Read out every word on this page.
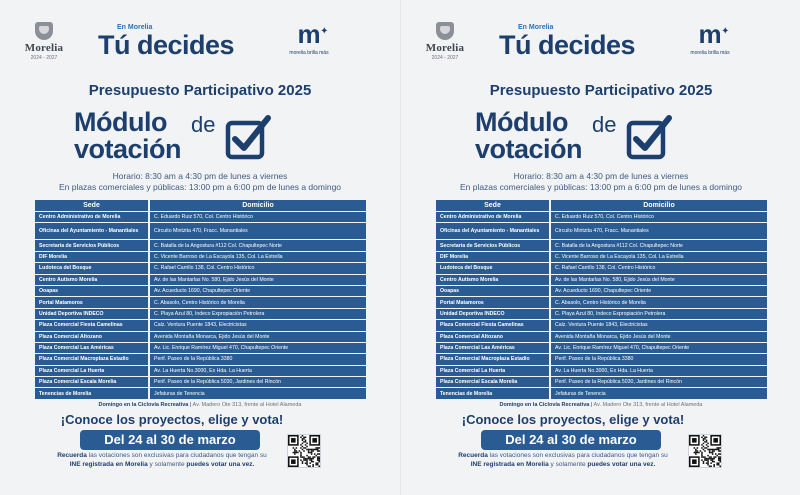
Morelia
2024 - 2027
En Morelia
Tú decides	m ✦
morelia brilla más
Presupuesto Participativo 2025
Módulo de
votación
Horario: 8:30 am a 4:30 pm de lunes a viernes
En plazas comerciales y públicas: 13:00 pm a 6:00 pm de lunes a domingo
Sede	Domicilio
Centro Administrativo de Morelia	C. Eduardo Ruiz 570, Col. Centro Histórico
Oficinas del Ayuntamiento - Manantiales	Circuito Mintzita 470, Fracc. Manantiales
Secretaría de Servicios Públicos	C. Batalla de la Angostura #112 Col. Chapultepec Norte
DIF Morelia	C. Vicente Barroso de La Escayola 135, Col. La Estrella
Ludoteca del Bosque	C. Rafael Carrillo 138, Col. Centro Histórico
Centro Autismo Morelia	Av. de las Mantarlas No. 580, Ejido Jesús del Monte
Ooapas	Av. Acueducto 1690, Chapultepec Oriente
Portal Matamoros	C. Abasolo, Centro Histórico de Morelia
Unidad Deportiva INDECO	C. Playa Azul 80, Indeco Expropiación Petrolera
Plaza Comercial Fiesta Camelinas	Calz. Ventura Puente 1843, Electricistas
Plaza Comercial Altozano	Avenida Montaña Monarca, Ejido Jesús del Monte
Plaza Comercial Las Américas	Av. Lic. Enrique Ramírez Miguel 470, Chapultepec Oriente
Plaza Comercial Macroplaza Estadio	Perif. Paseo de la República 3380
Plaza Comercial La Huerta	Av. La Huerta No.3000, Ex Hda. La Huerta
Plaza Comercial Escala Morelia	Perif. Paseo de la República 5030, Jardines del Rincón
Tenencias de Morelia	Jefaturas de Tenencia
Domingo en la Ciclovía Recreativa | Av. Madero Ote 313, frente al Hotel Alameda
¡Conoce los proyectos, elige y vota!
Del 24 al 30 de marzo
Recuerda las votaciones son exclusivas para ciudadanos que tengan su
INE registrada en Morelia y solamente puedes votar una vez.
Morelia
2024 - 2027
En Morelia
Tú decides	m ✦
morelia brilla más
Presupuesto Participativo 2025
Módulo de
votación
Horario: 8:30 am a 4:30 pm de lunes a viernes
En plazas comerciales y públicas: 13:00 pm a 6:00 pm de lunes a domingo
Sede	Domicilio
Centro Administrativo de Morelia	C. Eduardo Ruiz 570, Col. Centro Histórico
Oficinas del Ayuntamiento - Manantiales	Circuito Mintzita 470, Fracc. Manantiales
Secretaría de Servicios Públicos	C. Batalla de la Angostura #112 Col. Chapultepec Norte
DIF Morelia	C. Vicente Barroso de La Escayola 135, Col. La Estrella
Ludoteca del Bosque	C. Rafael Carrillo 138, Col. Centro Histórico
Centro Autismo Morelia	Av. de las Mantarlas No. 580, Ejido Jesús del Monte
Ooapas	Av. Acueducto 1690, Chapultepec Oriente
Portal Matamoros	C. Abasolo, Centro Histórico de Morelia
Unidad Deportiva INDECO	C. Playa Azul 80, Indeco Expropiación Petrolera
Plaza Comercial Fiesta Camelinas	Calz. Ventura Puente 1843, Electricistas
Plaza Comercial Altozano	Avenida Montaña Monarca, Ejido Jesús del Monte
Plaza Comercial Las Américas	Av. Lic. Enrique Ramírez Miguel 470, Chapultepec Oriente
Plaza Comercial Macroplaza Estadio	Perif. Paseo de la República 3380
Plaza Comercial La Huerta	Av. La Huerta No.3000, Ex Hda. La Huerta
Plaza Comercial Escala Morelia	Perif. Paseo de la República 5030, Jardines del Rincón
Tenencias de Morelia	Jefaturas de Tenencia
Domingo en la Ciclovía Recreativa | Av. Madero Ote 313, frente al Hotel Alameda
¡Conoce los proyectos, elige y vota!
Del 24 al 30 de marzo
Recuerda las votaciones son exclusivas para ciudadanos que tengan su
INE registrada en Morelia y solamente puedes votar una vez.
